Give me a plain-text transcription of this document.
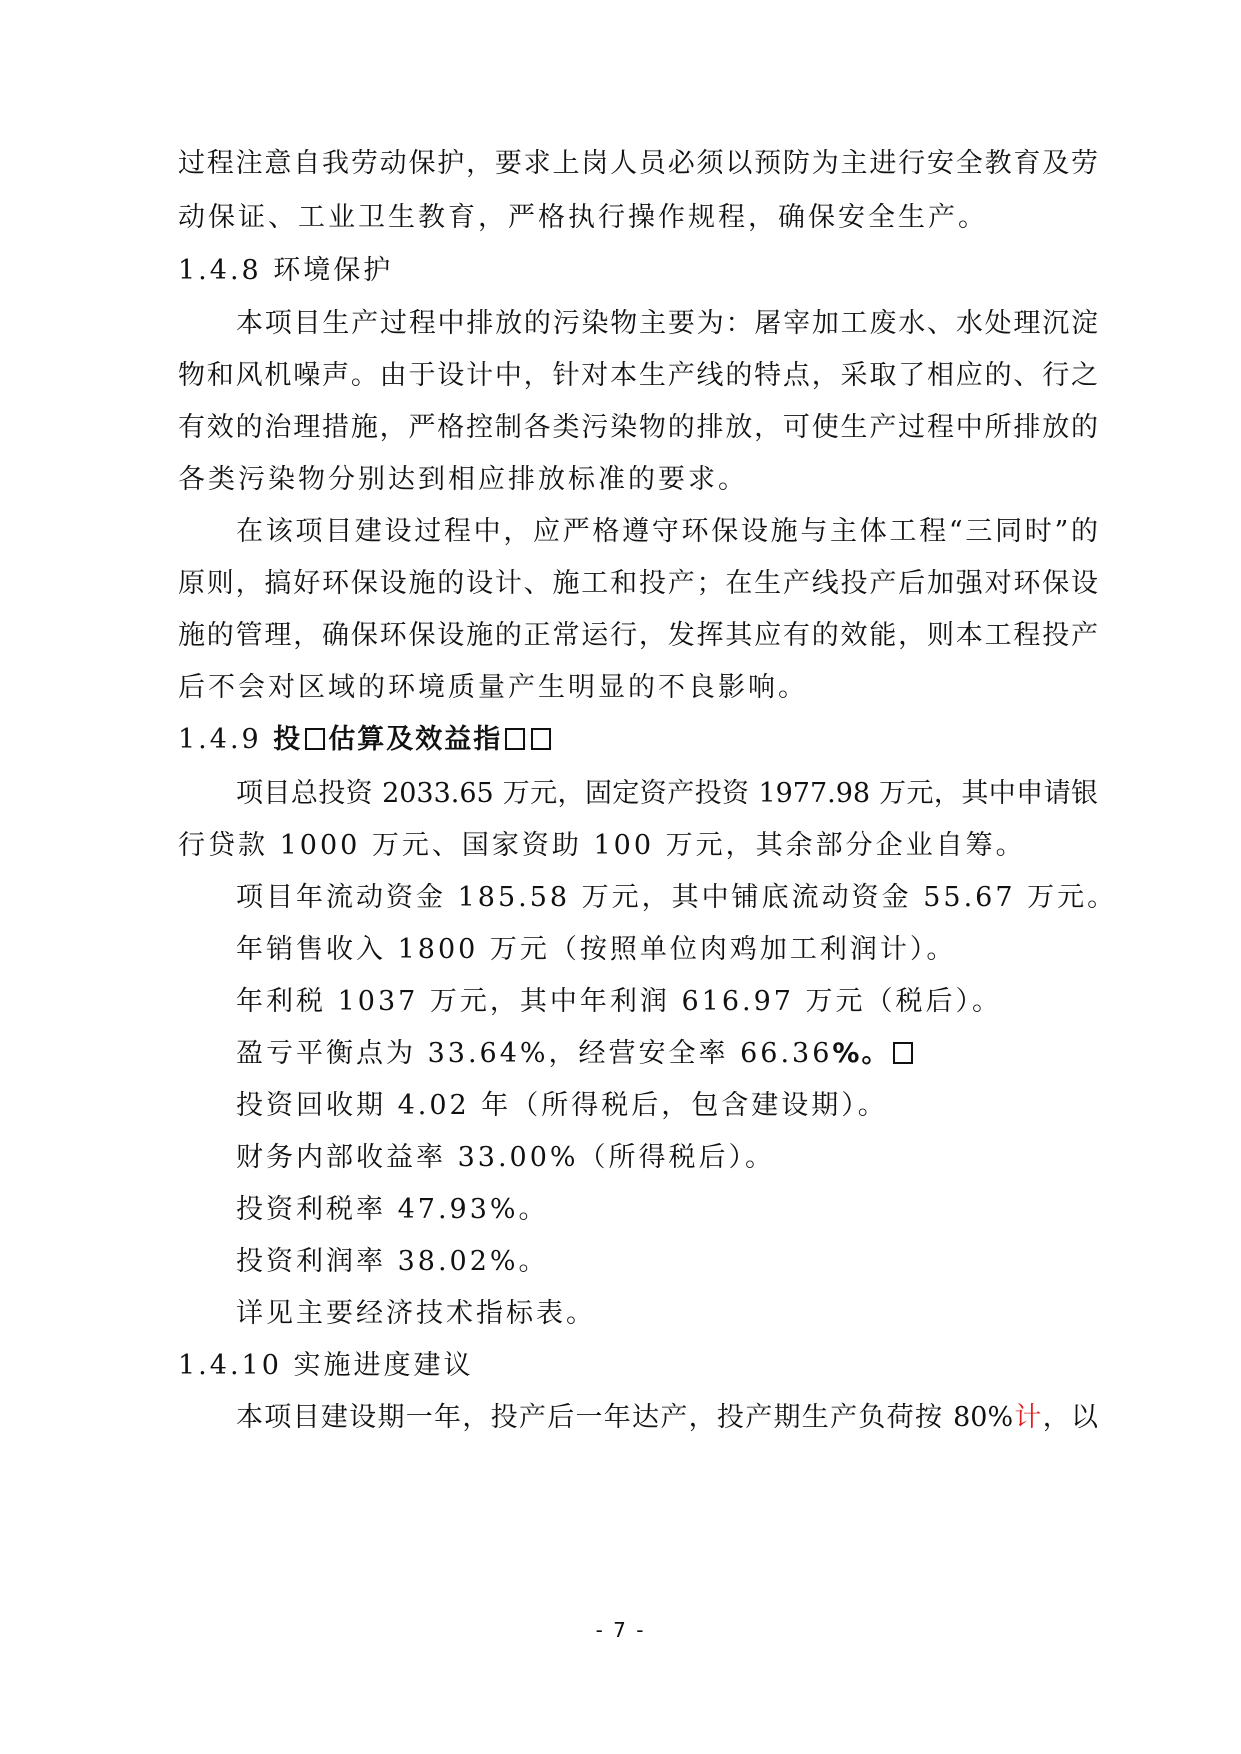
过程注意自我劳动保护，要求上岗人员必须以预防为主进行安全教育及劳
动保证、工业卫生教育，严格执行操作规程，确保安全生产。
1.4.8 环境保护
本项目生产过程中排放的污染物主要为：屠宰加工废水、水处理沉淀
物和风机噪声。由于设计中，针对本生产线的特点，采取了相应的、行之
有效的治理措施，严格控制各类污染物的排放，可使生产过程中所排放的
各类污染物分别达到相应排放标准的要求。
在该项目建设过程中，应严格遵守环保设施与主体工程“三同时”的
原则，搞好环保设施的设计、施工和投产；在生产线投产后加强对环保设
施的管理，确保环保设施的正常运行，发挥其应有的效能，则本工程投产
后不会对区域的环境质量产生明显的不良影响。
1.4.9 投 估算及效益指
项目总投资 2033.65 万元，固定资产投资 1977.98 万元，其中申请银
行贷款 1000 万元、国家资助 100 万元，其余部分企业自筹。
项目年流动资金 185.58 万元，其中铺底流动资金 55.67 万元。
年销售收入 1800 万元（按照单位肉鸡加工利润计）。
年利税 1037 万元，其中年利润 616.97 万元（税后）。
盈亏平衡点为 33.64%，经营安全率 66.36%。
投资回收期 4.02 年（所得税后，包含建设期）。
财务内部收益率 33.00%（所得税后）。
投资利税率 47.93%。
投资利润率 38.02%。
详见主要经济技术指标表。
1.4.10 实施进度建议
本项目建设期一年，投产后一年达产，投产期生产负荷按 80%计，以
- 7 -
